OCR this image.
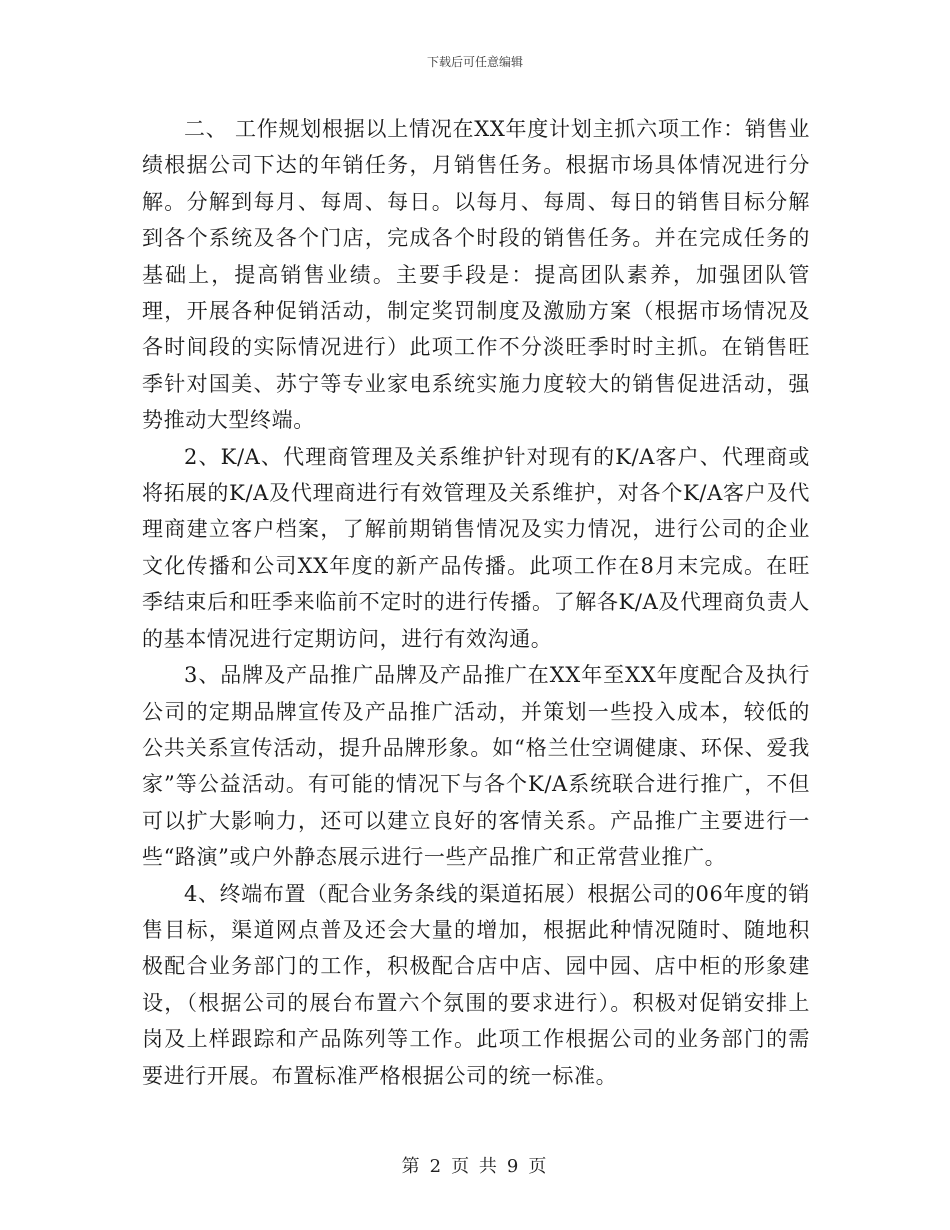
下载后可任意编辑

二、 工作规划根据以上情况在XX年度计划主抓六项工作：销售业绩根据公司下达的年销任务，月销售任务。根据市场具体情况进行分解。分解到每月、每周、每日。以每月、每周、每日的销售目标分解到各个系统及各个门店，完成各个时段的销售任务。并在完成任务的基础上，提高销售业绩。主要手段是：提高团队素养，加强团队管理，开展各种促销活动，制定奖罚制度及激励方案（根据市场情况及各时间段的实际情况进行）此项工作不分淡旺季时时主抓。在销售旺季针对国美、苏宁等专业家电系统实施力度较大的销售促进活动，强势推动大型终端。

2、K/A、代理商管理及关系维护针对现有的K/A客户、代理商或将拓展的K/A及代理商进行有效管理及关系维护，对各个K/A客户及代理商建立客户档案，了解前期销售情况及实力情况，进行公司的企业文化传播和公司XX年度的新产品传播。此项工作在8月末完成。在旺季结束后和旺季来临前不定时的进行传播。了解各K/A及代理商负责人的基本情况进行定期访问，进行有效沟通。

3、品牌及产品推广品牌及产品推广在XX年至XX年度配合及执行公司的定期品牌宣传及产品推广活动，并策划一些投入成本，较低的公共关系宣传活动，提升品牌形象。如“格兰仕空调健康、环保、爱我家”等公益活动。有可能的情况下与各个K/A系统联合进行推广，不但可以扩大影响力，还可以建立良好的客情关系。产品推广主要进行一些“路演”或户外静态展示进行一些产品推广和正常营业推广。

4、终端布置（配合业务条线的渠道拓展）根据公司的06年度的销售目标，渠道网点普及还会大量的增加，根据此种情况随时、随地积极配合业务部门的工作，积极配合店中店、园中园、店中柜的形象建设，（根据公司的展台布置六个氛围的要求进行）。积极对促销安排上岗及上样跟踪和产品陈列等工作。此项工作根据公司的业务部门的需要进行开展。布置标准严格根据公司的统一标准。

第 2 页 共 9 页
